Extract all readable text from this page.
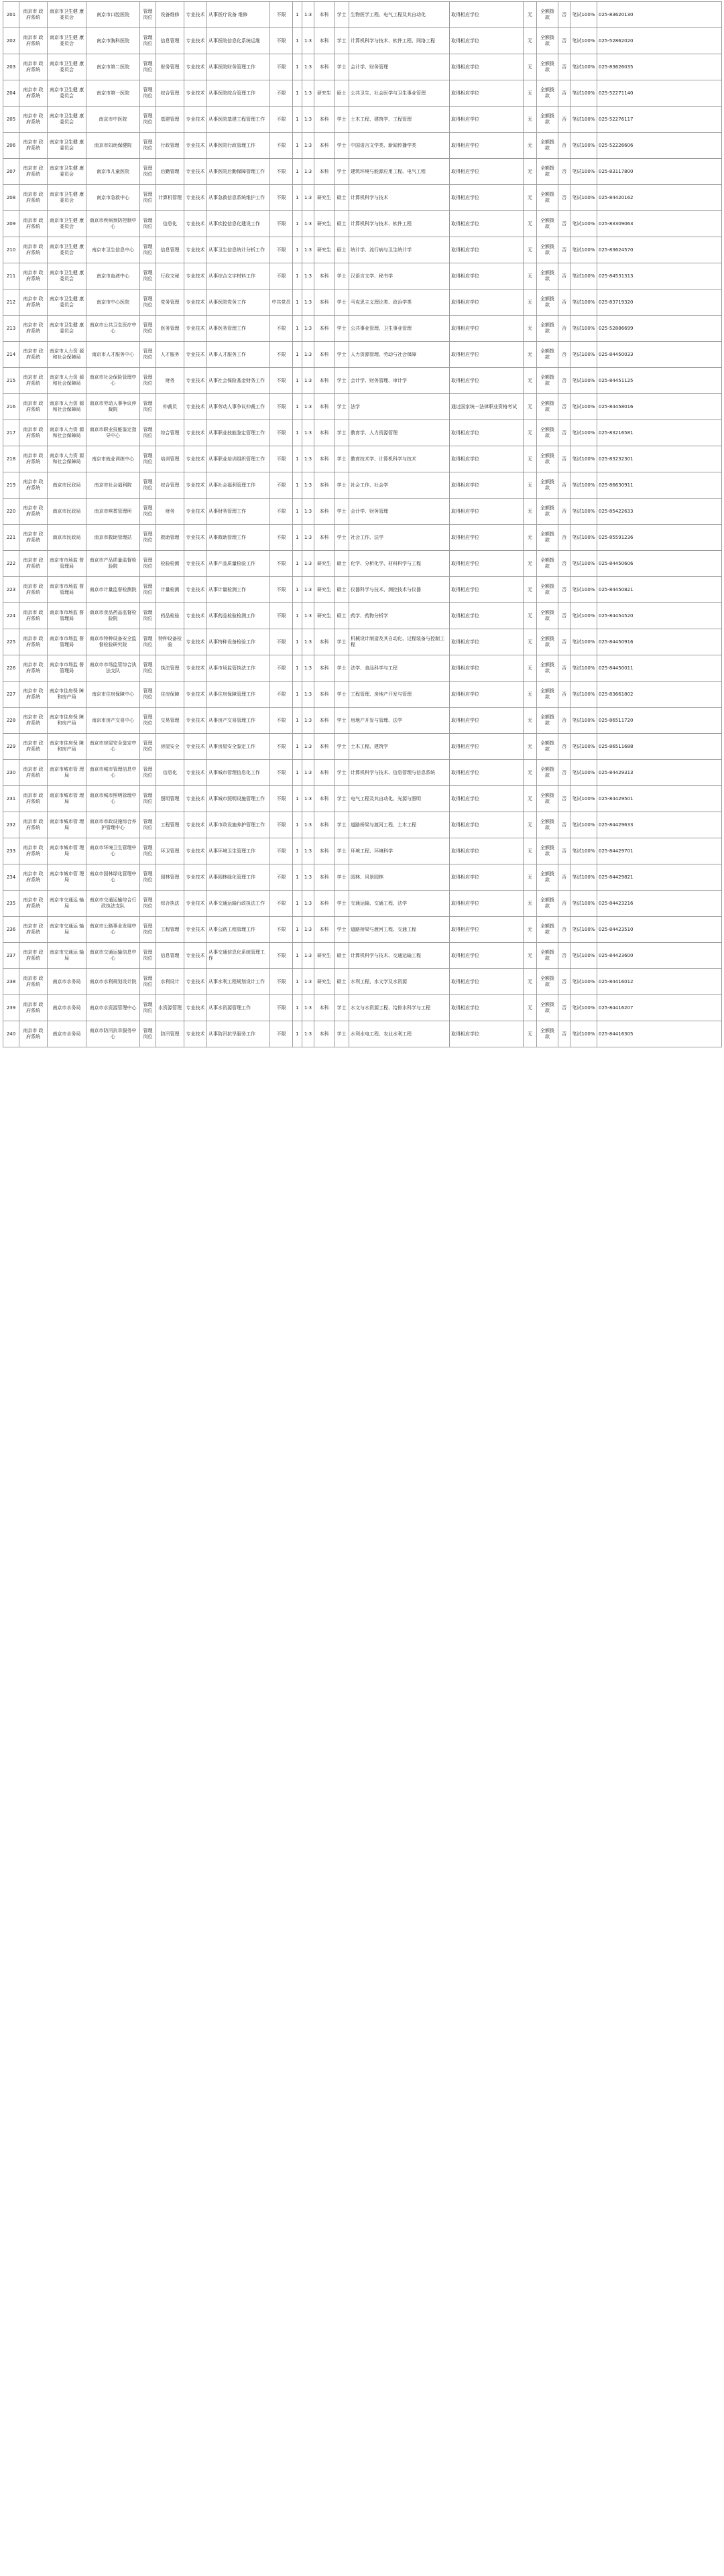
201	南京市 政府系统	南京市卫生健 康委员会	南京市口腔医院	管理 岗位	设备维修	专业技术	从事医疗设备 维修	不限	1	1:3	本科	学士	生物医学工程、电气工程及其自动化	取得相应学位	无	全额拨款	否	笔试100%	025-83620130
202	南京市 政府系统	南京市卫生健 康委员会	南京市胸科医院	管理 岗位	信息管理	专业技术	从事医院信息化系统运维	不限	1	1:3	本科	学士	计算机科学与技术、软件工程、网络工程	取得相应学位	无	全额拨款	否	笔试100%	025-52862020
203	南京市 政府系统	南京市卫生健 康委员会	南京市第二医院	管理 岗位	财务管理	专业技术	从事医院财务管理工作	不限	1	1:3	本科	学士	会计学、财务管理	取得相应学位	无	全额拨款	否	笔试100%	025-83626035
204	南京市 政府系统	南京市卫生健 康委员会	南京市第一医院	管理 岗位	综合管理	专业技术	从事医院综合管理工作	不限	1	1:3	研究生	硕士	公共卫生、社会医学与卫生事业管理	取得相应学位	无	全额拨款	否	笔试100%	025-52271140
205	南京市 政府系统	南京市卫生健 康委员会	南京市中医院	管理 岗位	基建管理	专业技术	从事医院基建工程管理工作	不限	1	1:3	本科	学士	土木工程、建筑学、工程管理	取得相应学位	无	全额拨款	否	笔试100%	025-52276117
206	南京市 政府系统	南京市卫生健 康委员会	南京市妇幼保健院	管理 岗位	行政管理	专业技术	从事医院行政管理工作	不限	1	1:3	本科	学士	中国语言文学类、新闻传播学类	取得相应学位	无	全额拨款	否	笔试100%	025-52226606
207	南京市 政府系统	南京市卫生健 康委员会	南京市儿童医院	管理 岗位	后勤管理	专业技术	从事医院后勤保障管理工作	不限	1	1:3	本科	学士	建筑环境与能源应用工程、电气工程	取得相应学位	无	全额拨款	否	笔试100%	025-83117800
208	南京市 政府系统	南京市卫生健 康委员会	南京市急救中心	管理 岗位	计算机管理	专业技术	从事急救信息系统维护工作	不限	1	1:3	研究生	硕士	计算机科学与技术	取得相应学位	无	全额拨款	否	笔试100%	025-84420162
209	南京市 政府系统	南京市卫生健 康委员会	南京市疾病预防控制中心	管理 岗位	信息化	专业技术	从事疾控信息化建设工作	不限	1	1:3	研究生	硕士	计算机科学与技术、软件工程	取得相应学位	无	全额拨款	否	笔试100%	025-83309063
210	南京市 政府系统	南京市卫生健 康委员会	南京市卫生信息中心	管理 岗位	信息管理	专业技术	从事卫生信息统计分析工作	不限	1	1:3	研究生	硕士	统计学、流行病与卫生统计学	取得相应学位	无	全额拨款	否	笔试100%	025-83624570
211	南京市 政府系统	南京市卫生健 康委员会	南京市血液中心	管理 岗位	行政文秘	专业技术	从事综合文字材料工作	不限	1	1:3	本科	学士	汉语言文学、秘书学	取得相应学位	无	全额拨款	否	笔试100%	025-84531313
212	南京市 政府系统	南京市卫生健 康委员会	南京市中心医院	管理 岗位	党务管理	专业技术	从事医院党务工作	中共党员	1	1:3	本科	学士	马克思主义理论类、政治学类	取得相应学位	无	全额拨款	否	笔试100%	025-83719320
213	南京市 政府系统	南京市卫生健 康委员会	南京市公共卫生医疗中心	管理 岗位	医务管理	专业技术	从事医务管理工作	不限	1	1:3	本科	学士	公共事业管理、卫生事业管理	取得相应学位	无	全额拨款	否	笔试100%	025-52886699
214	南京市 政府系统	南京市人力资 源和社会保障局	南京市人才服务中心	管理 岗位	人才服务	专业技术	从事人才服务工作	不限	1	1:3	本科	学士	人力资源管理、劳动与社会保障	取得相应学位	无	全额拨款	否	笔试100%	025-84450033
215	南京市 政府系统	南京市人力资 源和社会保障局	南京市社会保险管理中心	管理 岗位	财务	专业技术	从事社会保险基金财务工作	不限	1	1:3	本科	学士	会计学、财务管理、审计学	取得相应学位	无	全额拨款	否	笔试100%	025-84451125
216	南京市 政府系统	南京市人力资 源和社会保障局	南京市劳动人事争议仲裁院	管理 岗位	仲裁员	专业技术	从事劳动人事争议仲裁工作	不限	1	1:3	本科	学士	法学	通过国家统一法律职业资格考试	无	全额拨款	否	笔试100%	025-84458016
217	南京市 政府系统	南京市人力资 源和社会保障局	南京市职业技能鉴定指导中心	管理 岗位	综合管理	专业技术	从事职业技能鉴定管理工作	不限	1	1:3	本科	学士	教育学、人力资源管理	取得相应学位	无	全额拨款	否	笔试100%	025-83216581
218	南京市 政府系统	南京市人力资 源和社会保障局	南京市就业训练中心	管理 岗位	培训管理	专业技术	从事职业培训组织管理工作	不限	1	1:3	本科	学士	教育技术学、计算机科学与技术	取得相应学位	无	全额拨款	否	笔试100%	025-83232301
219	南京市 政府系统	南京市民政局	南京市社会福利院	管理 岗位	综合管理	专业技术	从事社会福利管理工作	不限	1	1:3	本科	学士	社会工作、社会学	取得相应学位	无	全额拨款	否	笔试100%	025-86630911
220	南京市 政府系统	南京市民政局	南京市殡葬管理所	管理 岗位	财务	专业技术	从事财务管理工作	不限	1	1:3	本科	学士	会计学、财务管理	取得相应学位	无	全额拨款	否	笔试100%	025-85422633
221	南京市 政府系统	南京市民政局	南京市救助管理站	管理 岗位	救助管理	专业技术	从事救助管理工作	不限	1	1:3	本科	学士	社会工作、法学	取得相应学位	无	全额拨款	否	笔试100%	025-85591236
222	南京市 政府系统	南京市市场监 督管理局	南京市产品质量监督检验院	管理 岗位	检验检测	专业技术	从事产品质量检验工作	不限	1	1:3	研究生	硕士	化学、分析化学、材料科学与工程	取得相应学位	无	全额拨款	否	笔试100%	025-84450606
223	南京市 政府系统	南京市市场监 督管理局	南京市计量监督检测院	管理 岗位	计量检测	专业技术	从事计量检测工作	不限	1	1:3	研究生	硕士	仪器科学与技术、测控技术与仪器	取得相应学位	无	全额拨款	否	笔试100%	025-84450821
224	南京市 政府系统	南京市市场监 督管理局	南京市食品药品监督检验院	管理 岗位	药品检验	专业技术	从事药品检验检测工作	不限	1	1:3	研究生	硕士	药学、药物分析学	取得相应学位	无	全额拨款	否	笔试100%	025-84454520
225	南京市 政府系统	南京市市场监 督管理局	南京市特种设备安全监督检验研究院	管理 岗位	特种设备检验	专业技术	从事特种设备检验工作	不限	1	1:3	本科	学士	机械设计制造及其自动化、过程装备与控制工程	取得相应学位	无	全额拨款	否	笔试100%	025-84450916
226	南京市 政府系统	南京市市场监 督管理局	南京市市场监管综合执法支队	管理 岗位	执法管理	专业技术	从事市场监管执法工作	不限	1	1:3	本科	学士	法学、食品科学与工程	取得相应学位	无	全额拨款	否	笔试100%	025-84450011
227	南京市 政府系统	南京市住房保 障和房产局	南京市住房保障中心	管理 岗位	住房保障	专业技术	从事住房保障管理工作	不限	1	1:3	本科	学士	工程管理、房地产开发与管理	取得相应学位	无	全额拨款	否	笔试100%	025-83661802
228	南京市 政府系统	南京市住房保 障和房产局	南京市房产交易中心	管理 岗位	交易管理	专业技术	从事房产交易管理工作	不限	1	1:3	本科	学士	房地产开发与管理、法学	取得相应学位	无	全额拨款	否	笔试100%	025-86511720
229	南京市 政府系统	南京市住房保 障和房产局	南京市房屋安全鉴定中心	管理 岗位	房屋安全	专业技术	从事房屋安全鉴定工作	不限	1	1:3	本科	学士	土木工程、建筑学	取得相应学位	无	全额拨款	否	笔试100%	025-86511688
230	南京市 政府系统	南京市城市管 理局	南京市城市管理信息中心	管理 岗位	信息化	专业技术	从事城市管理信息化工作	不限	1	1:3	本科	学士	计算机科学与技术、信息管理与信息系统	取得相应学位	无	全额拨款	否	笔试100%	025-84429313
231	南京市 政府系统	南京市城市管 理局	南京市城市照明管理中心	管理 岗位	照明管理	专业技术	从事城市照明设施管理工作	不限	1	1:3	本科	学士	电气工程及其自动化、光源与照明	取得相应学位	无	全额拨款	否	笔试100%	025-84429501
232	南京市 政府系统	南京市城市管 理局	南京市市政设施综合养护管理中心	管理 岗位	工程管理	专业技术	从事市政设施养护管理工作	不限	1	1:3	本科	学士	道路桥梁与渡河工程、土木工程	取得相应学位	无	全额拨款	否	笔试100%	025-84429633
233	南京市 政府系统	南京市城市管 理局	南京市环境卫生管理中心	管理 岗位	环卫管理	专业技术	从事环境卫生管理工作	不限	1	1:3	本科	学士	环境工程、环境科学	取得相应学位	无	全额拨款	否	笔试100%	025-84429701
234	南京市 政府系统	南京市城市管 理局	南京市园林绿化管理中心	管理 岗位	园林管理	专业技术	从事园林绿化管理工作	不限	1	1:3	本科	学士	园林、风景园林	取得相应学位	无	全额拨款	否	笔试100%	025-84429821
235	南京市 政府系统	南京市交通运 输局	南京市交通运输综合行政执法支队	管理 岗位	综合执法	专业技术	从事交通运输行政执法工作	不限	1	1:3	本科	学士	交通运输、交通工程、法学	取得相应学位	无	全额拨款	否	笔试100%	025-84423216
236	南京市 政府系统	南京市交通运 输局	南京市公路事业发展中心	管理 岗位	工程管理	专业技术	从事公路工程管理工作	不限	1	1:3	本科	学士	道路桥梁与渡河工程、交通工程	取得相应学位	无	全额拨款	否	笔试100%	025-84423510
237	南京市 政府系统	南京市交通运 输局	南京市交通运输信息中心	管理 岗位	信息管理	专业技术	从事交通信息化系统管理工作	不限	1	1:3	研究生	硕士	计算机科学与技术、交通运输工程	取得相应学位	无	全额拨款	否	笔试100%	025-84423600
238	南京市 政府系统	南京市水务局	南京市水利规划设计院	管理 岗位	水利设计	专业技术	从事水利工程规划设计工作	不限	1	1:3	研究生	硕士	水利工程、水文学及水资源	取得相应学位	无	全额拨款	否	笔试100%	025-84416012
239	南京市 政府系统	南京市水务局	南京市水资源管理中心	管理 岗位	水资源管理	专业技术	从事水资源管理工作	不限	1	1:3	本科	学士	水文与水资源工程、给排水科学与工程	取得相应学位	无	全额拨款	否	笔试100%	025-84416207
240	南京市 政府系统	南京市水务局	南京市防汛抗旱服务中心	管理 岗位	防汛管理	专业技术	从事防汛抗旱服务工作	不限	1	1:3	本科	学士	水利水电工程、农业水利工程	取得相应学位	无	全额拨款	否	笔试100%	025-84416305
